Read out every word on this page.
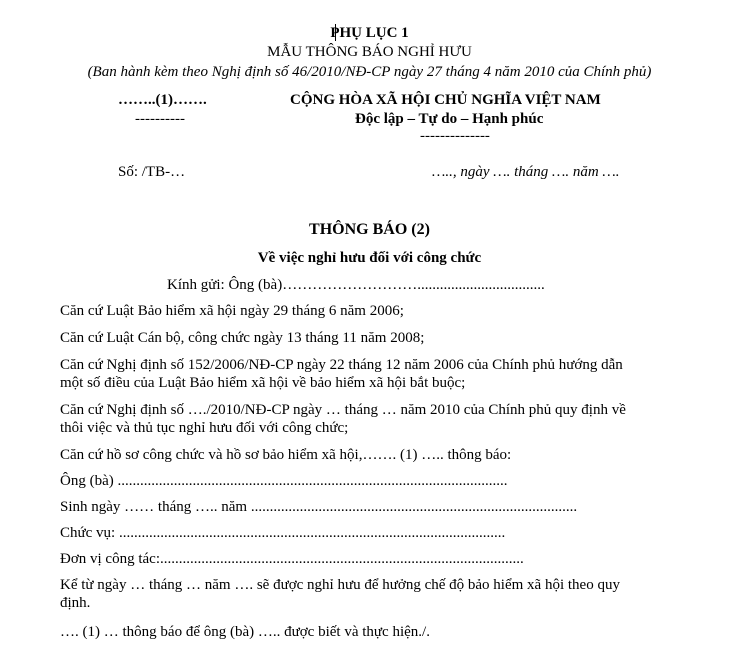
PHỤ LỤC 1
MẪU THÔNG BÁO NGHỈ HƯU
(Ban hành kèm theo Nghị định số 46/2010/NĐ-CP ngày 27 tháng 4 năm 2010 của Chính phủ)
……..(1)…….
----------
CỘNG HÒA XÃ HỘI CHỦ NGHĨA VIỆT NAM
Độc lập – Tự do – Hạnh phúc
--------------
Số: /TB-…	….., ngày …. tháng …. năm ….
THÔNG BÁO (2)
Về việc nghỉ hưu đối với công chức
Kính gửi: Ông (bà)………………………..................................
Căn cứ Luật Bảo hiểm xã hội ngày 29 tháng 6 năm 2006;
Căn cứ Luật Cán bộ, công chức ngày 13 tháng 11 năm 2008;
Căn cứ Nghị định số 152/2006/NĐ-CP ngày 22 tháng 12 năm 2006 của Chính phủ hướng dẫn
một số điều của Luật Bảo hiểm xã hội về bảo hiểm xã hội bắt buộc;
Căn cứ Nghị định số …./2010/NĐ-CP ngày … tháng … năm 2010 của Chính phủ quy định về
thôi việc và thủ tục nghỉ hưu đối với công chức;
Căn cứ hồ sơ công chức và hồ sơ bảo hiểm xã hội,……. (1) ….. thông báo:
Ông (bà) ........................................................................................................
Sinh ngày …… tháng ….. năm .......................................................................................
Chức vụ: .......................................................................................................
Đơn vị công tác:.................................................................................................
Kể từ ngày … tháng … năm …. sẽ được nghỉ hưu để hưởng chế độ bảo hiểm xã hội theo quy
định.
…. (1) … thông báo để ông (bà) ….. được biết và thực hiện./.
